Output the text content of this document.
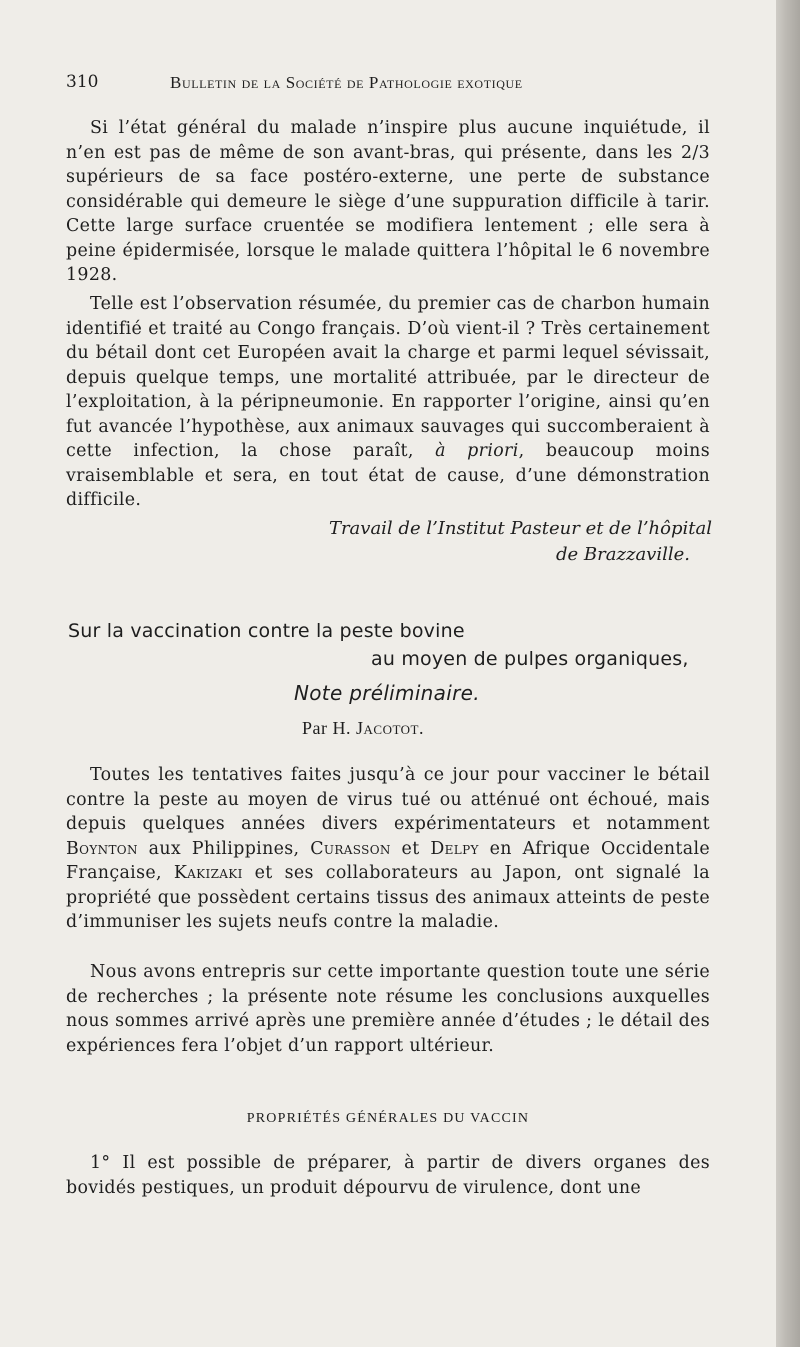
310	Bulletin de la Société de Pathologie exotique

Si l’état général du malade n’inspire plus aucune inquiétude, il n’en est pas de même de son avant-bras, qui présente, dans les 2/3 supérieurs de sa face postéro-externe, une perte de substance considérable qui demeure le siège d’une suppuration difficile à tarir. Cette large surface cruentée se modifiera lentement ; elle sera à peine épidermisée, lorsque le malade quittera l’hôpital le 6 novembre 1928.

Telle est l’observation résumée, du premier cas de charbon humain identifié et traité au Congo français. D’où vient-il ? Très certainement du bétail dont cet Européen avait la charge et parmi lequel sévissait, depuis quelque temps, une mortalité attribuée, par le directeur de l’exploitation, à la péripneumonie. En rapporter l’origine, ainsi qu’en fut avancée l’hypothèse, aux animaux sauvages qui succomberaient à cette infection, la chose paraît, à priori, beaucoup moins vraisemblable et sera, en tout état de cause, d’une démonstration difficile.

Travail de l’Institut Pasteur et de l’hôpital
de Brazzaville.
Sur la vaccination contre la peste bovine
au moyen de pulpes organiques,
Note préliminaire.
Par H. Jacotot.

Toutes les tentatives faites jusqu’à ce jour pour vacciner le bétail contre la peste au moyen de virus tué ou atténué ont échoué, mais depuis quelques années divers expérimentateurs et notamment Boynton aux Philippines, Curasson et Delpy en Afrique Occidentale Française, Kakizaki et ses collaborateurs au Japon, ont signalé la propriété que possèdent certains tissus des animaux atteints de peste d’immuniser les sujets neufs contre la maladie.

Nous avons entrepris sur cette importante question toute une série de recherches ; la présente note résume les conclusions auxquelles nous sommes arrivé après une première année d’études ; le détail des expériences fera l’objet d’un rapport ultérieur.

PROPRIÉTÉS GÉNÉRALES DU VACCIN

1° Il est possible de préparer, à partir de divers organes des bovidés pestiques, un produit dépourvu de virulence, dont une
